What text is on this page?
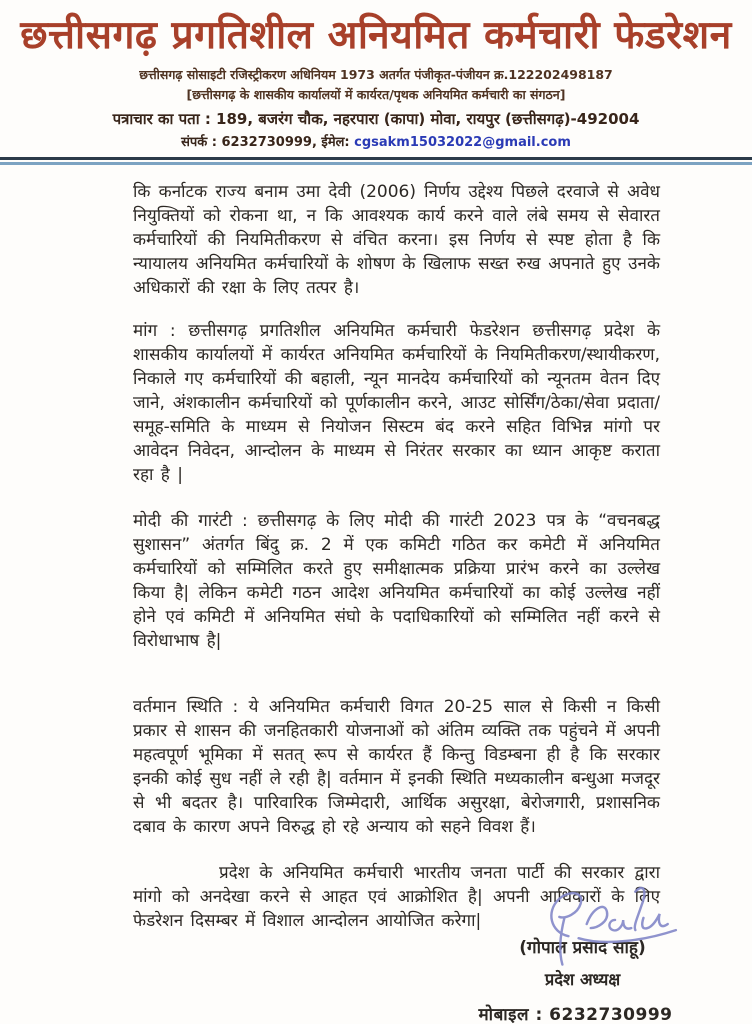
छत्तीसगढ़ प्रगतिशील अनियमित कर्मचारी फेडरेशन
छत्तीसगढ़ सोसाइटी रजिस्ट्रीकरण अधिनियम 1973 अतर्गत पंजीकृत-पंजीयन क्र.122202498187
[छत्तीसगढ़ के शासकीय कार्यालयों में कार्यरत/पृथक अनियमित कर्मचारी का संगठन]
पत्राचार का पता : 189, बजरंग चौक, नहरपारा (कापा) मोवा, रायपुर (छत्तीसगढ़)-492004
संपर्क : 6232730999, ईमेल: cgsakm15032022@gmail.com

कि कर्नाटक राज्य बनाम उमा देवी (2006) निर्णय उद्देश्य पिछले दरवाजे से अवेध नियुक्तियों को रोकना था, न कि आवश्यक कार्य करने वाले लंबे समय से सेवारत कर्मचारियों की नियमितीकरण से वंचित करना। इस निर्णय से स्पष्ट होता है कि न्यायालय अनियमित कर्मचारियों के शोषण के खिलाफ सख्त रुख अपनाते हुए उनके अधिकारों की रक्षा के लिए तत्पर है।

मांग : छत्तीसगढ़ प्रगतिशील अनियमित कर्मचारी फेडरेशन छत्तीसगढ़ प्रदेश के शासकीय कार्यालयों में कार्यरत अनियमित कर्मचारियों के नियमितीकरण/स्थायीकरण, निकाले गए कर्मचारियों की बहाली, न्यून मानदेय कर्मचारियों को न्यूनतम वेतन दिए जाने, अंशकालीन कर्मचारियों को पूर्णकालीन करने, आउट सोर्सिंग/ठेका/सेवा प्रदाता/समूह-समिति के माध्यम से नियोजन सिस्टम बंद करने सहित विभिन्न मांगो पर आवेदन निवेदन, आन्दोलन के माध्यम से निरंतर सरकार का ध्यान आकृष्ट कराता रहा है |

मोदी की गारंटी : छत्तीसगढ़ के लिए मोदी की गारंटी 2023 पत्र के “वचनबद्ध सुशासन” अंतर्गत बिंदु क्र. 2 में एक कमिटी गठित कर कमेटी में अनियमित कर्मचारियों को सम्मिलित करते हुए समीक्षात्मक प्रक्रिया प्रारंभ करने का उल्लेख किया है| लेकिन कमेटी गठन आदेश अनियमित कर्मचारियों का कोई उल्लेख नहीं होने एवं कमिटी में अनियमित संघो के पदाधिकारियों को सम्मिलित नहीं करने से विरोधाभाष है|

वर्तमान स्थिति : ये अनियमित कर्मचारी विगत 20-25 साल से किसी न किसी प्रकार से शासन की जनहितकारी योजनाओं को अंतिम व्यक्ति तक पहुंचने में अपनी महत्वपूर्ण भूमिका में सतत् रूप से कार्यरत हैं किन्तु विडम्बना ही है कि सरकार इनकी कोई सुध नहीं ले रही है| वर्तमान में इनकी स्थिति मध्यकालीन बन्धुआ मजदूर से भी बदतर है। पारिवारिक जिम्मेदारी, आर्थिक असुरक्षा, बेरोजगारी, प्रशासनिक दबाव के कारण अपने विरुद्ध हो रहे अन्याय को सहने विवश हैं।

प्रदेश के अनियमित कर्मचारी भारतीय जनता पार्टी की सरकार द्वारा मांगो को अनदेखा करने से आहत एवं आक्रोशित है| अपनी आधिकारों के लिए फेडरेशन दिसम्बर में विशाल आन्दोलन आयोजित करेगा|

(गोपाल प्रसाद साहू)

प्रदेश अध्यक्ष

मोबाइल : 6232730999
